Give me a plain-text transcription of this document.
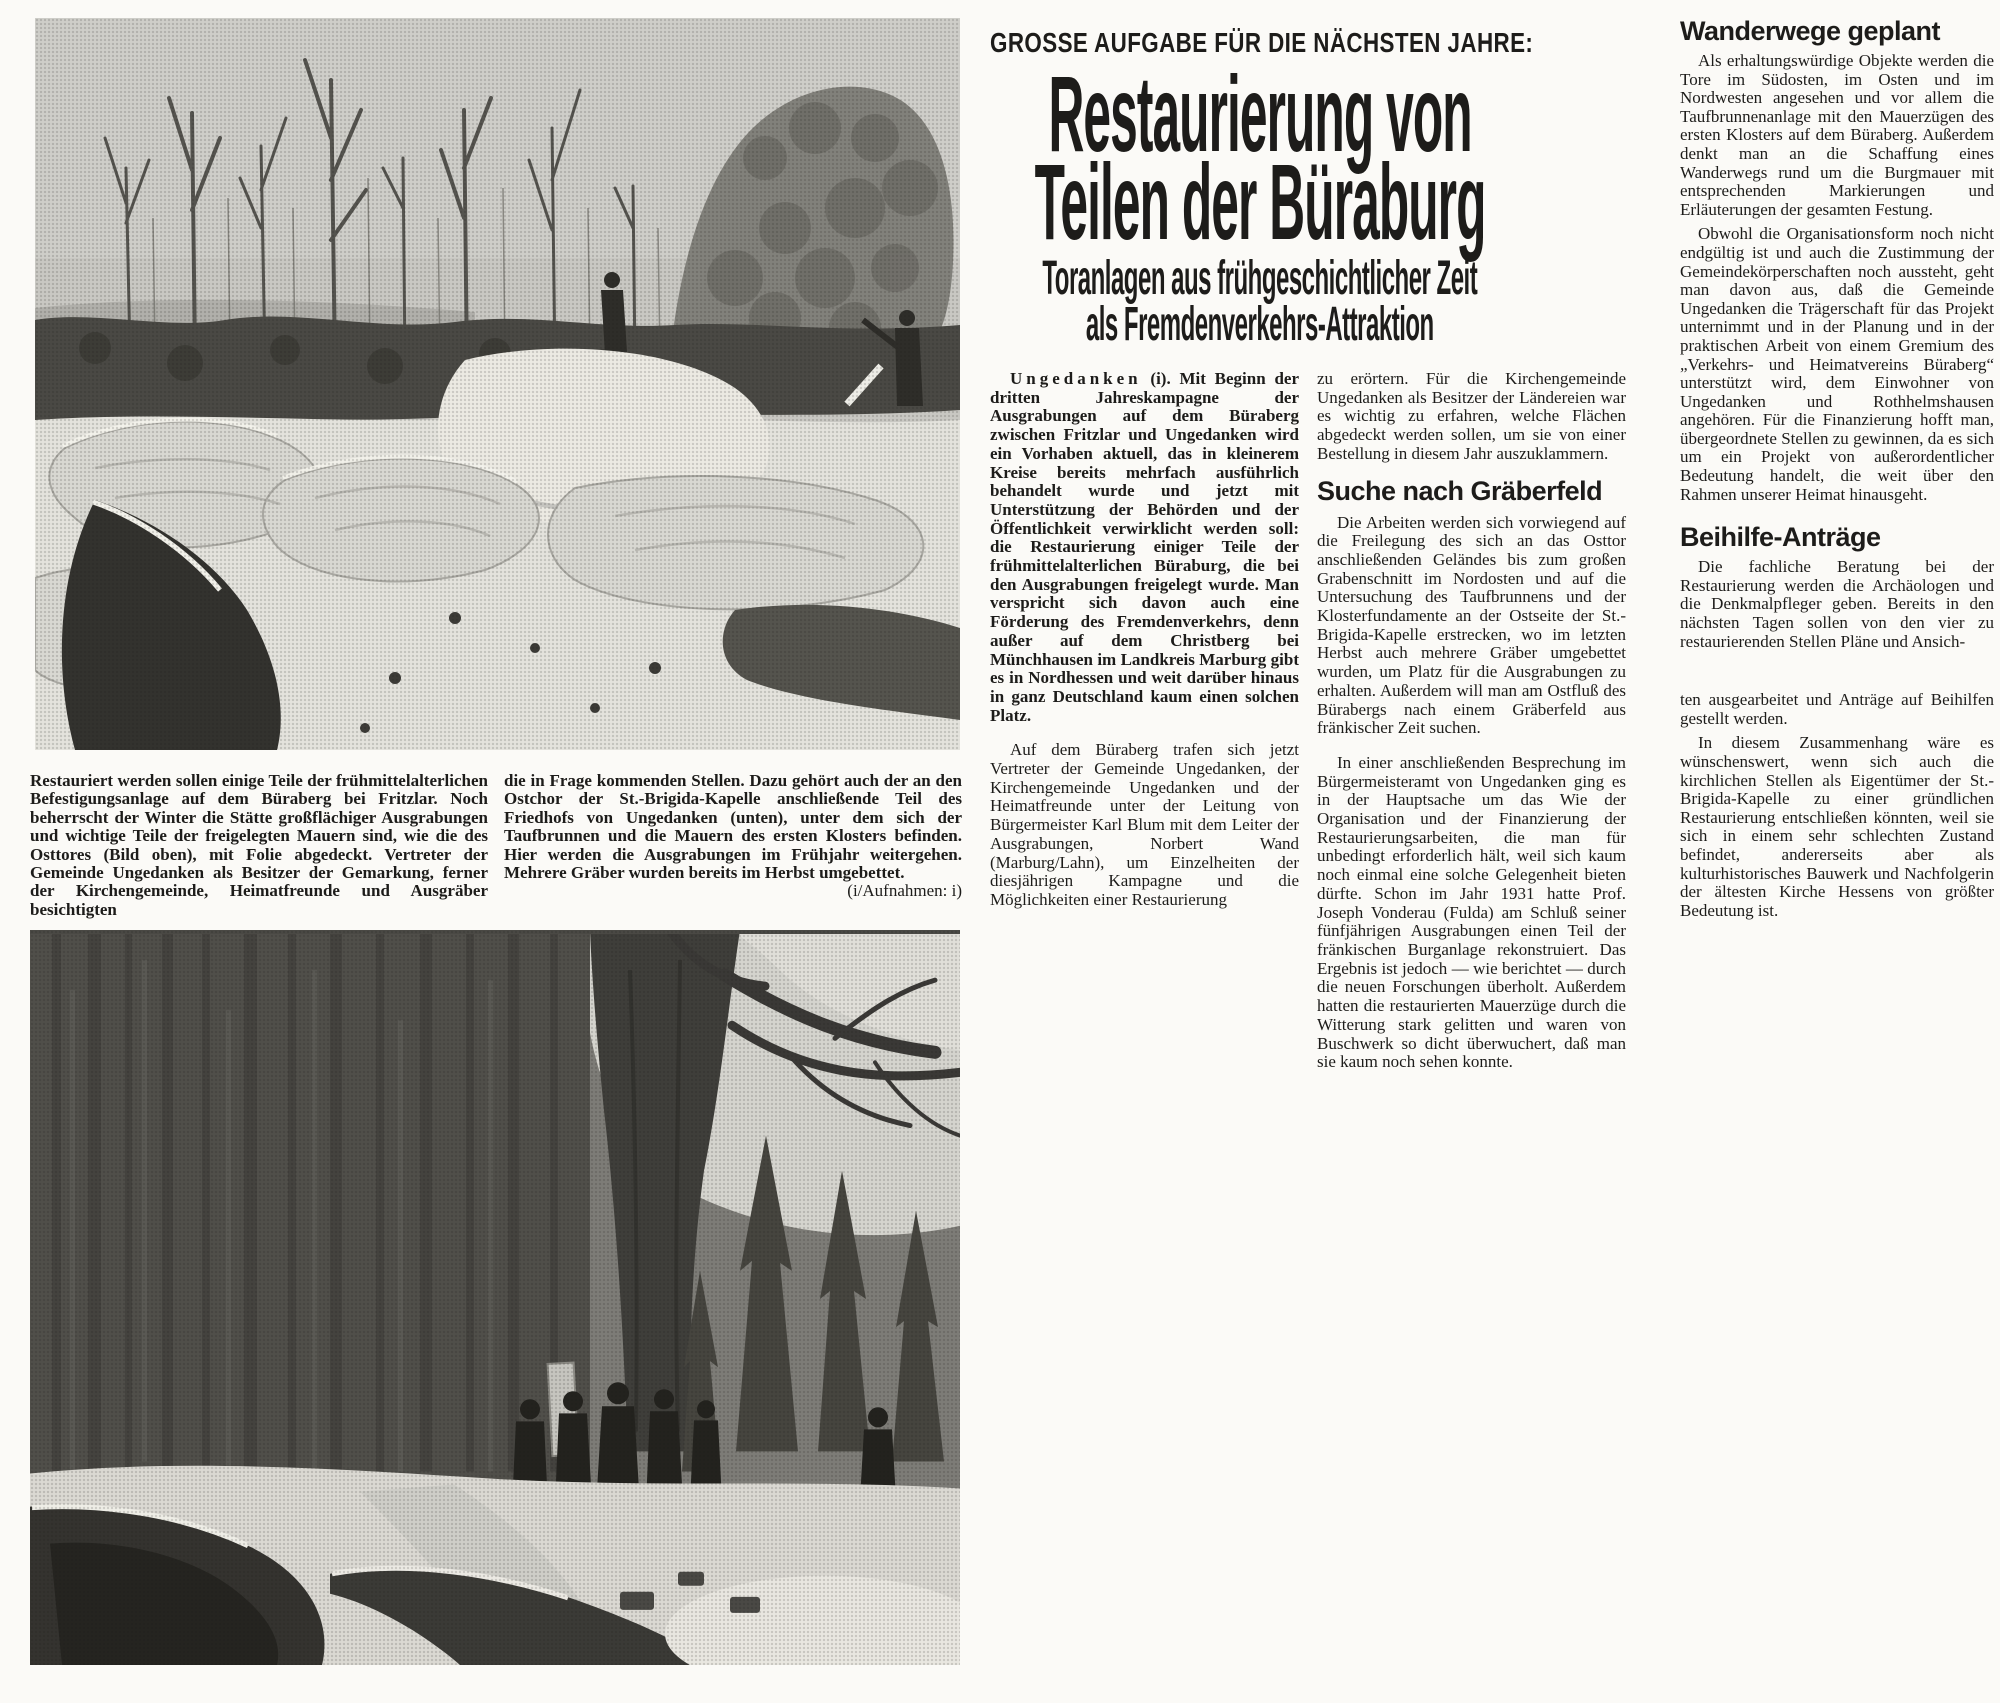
Restauriert werden sollen einige Teile der frühmittelalterlichen Befestigungsanlage auf dem Büraberg bei Fritzlar. Noch beherrscht der Winter die Stätte großflächiger Ausgrabungen und wichtige Teile der freigelegten Mauern sind, wie die des Osttores (Bild oben), mit Folie abgedeckt. Vertreter der Gemeinde Ungedanken als Besitzer der Gemarkung, ferner der Kirchengemeinde, Heimatfreunde und Ausgräber besichtigten

die in Frage kommenden Stellen. Dazu gehört auch der an den Ostchor der St.-Brigida-Kapelle anschließende Teil des Friedhofs von Ungedanken (unten), unter dem sich der Taufbrunnen und die Mauern des ersten Klosters befinden. Hier werden die Ausgrabungen im Frühjahr weitergehen. Mehrere Gräber wurden bereits im Herbst umgebettet.

(i/Aufnahmen: i)

GROSSE AUFGABE FÜR DIE NÄCHSTEN JAHRE:
Restaurierung von
Teilen der Büraburg
Toranlagen aus frühgeschichtlicher Zeit
als Fremdenverkehrs-Attraktion

Ungedanken (i). Mit Beginn der dritten Jahreskampagne der Ausgrabungen auf dem Büraberg zwischen Fritzlar und Ungedanken wird ein Vorhaben aktuell, das in kleinerem Kreise bereits mehrfach ausführlich behandelt wurde und jetzt mit Unterstützung der Behörden und der Öffentlichkeit verwirklicht werden soll: die Restaurierung einiger Teile der frühmittelalterlichen Büraburg, die bei den Ausgrabungen freigelegt wurde. Man verspricht sich davon auch eine Förderung des Fremdenverkehrs, denn außer auf dem Christberg bei Münchhausen im Landkreis Marburg gibt es in Nordhessen und weit darüber hinaus in ganz Deutschland kaum einen solchen Platz.

Auf dem Büraberg trafen sich jetzt Vertreter der Gemeinde Ungedanken, der Kirchengemeinde Ungedanken und der Heimatfreunde unter der Leitung von Bürgermeister Karl Blum mit dem Leiter der Ausgrabungen, Norbert Wand (Marburg/Lahn), um Einzelheiten der diesjährigen Kampagne und die Möglichkeiten einer Restaurierung

zu erörtern. Für die Kirchengemeinde Ungedanken als Besitzer der Ländereien war es wichtig zu erfahren, welche Flächen abgedeckt werden sollen, um sie von einer Bestellung in diesem Jahr auszuklammern.

Suche nach Gräberfeld

Die Arbeiten werden sich vorwiegend auf die Freilegung des sich an das Osttor anschließenden Geländes bis zum großen Grabenschnitt im Nordosten und auf die Untersuchung des Taufbrunnens und der Klosterfundamente an der Ostseite der St.-Brigida-Kapelle erstrecken, wo im letzten Herbst auch mehrere Gräber umgebettet wurden, um Platz für die Ausgrabungen zu erhalten. Außerdem will man am Ostfluß des Bürabergs nach einem Gräberfeld aus fränkischer Zeit suchen.

In einer anschließenden Besprechung im Bürgermeisteramt von Ungedanken ging es in der Hauptsache um das Wie der Organisation und der Finanzierung der Restaurierungsarbeiten, die man für unbedingt erforderlich hält, weil sich kaum noch einmal eine solche Gelegenheit bieten dürfte. Schon im Jahr 1931 hatte Prof. Joseph Vonderau (Fulda) am Schluß seiner fünfjährigen Ausgrabungen einen Teil der fränkischen Burganlage rekonstruiert. Das Ergebnis ist jedoch — wie berichtet — durch die neuen Forschungen überholt. Außerdem hatten die restaurierten Mauerzüge durch die Witterung stark gelitten und waren von Buschwerk so dicht überwuchert, daß man sie kaum noch sehen konnte.

Wanderwege geplant

Als erhaltungswürdige Objekte werden die Tore im Südosten, im Osten und im Nordwesten angesehen und vor allem die Taufbrunnenanlage mit den Mauerzügen des ersten Klosters auf dem Büraberg. Außerdem denkt man an die Schaffung eines Wanderwegs rund um die Burgmauer mit entsprechenden Markierungen und Erläuterungen der gesamten Festung.

Obwohl die Organisationsform noch nicht endgültig ist und auch die Zustimmung der Gemeindekörperschaften noch aussteht, geht man davon aus, daß die Gemeinde Ungedanken die Trägerschaft für das Projekt unternimmt und in der Planung und in der praktischen Arbeit von einem Gremium des „Verkehrs- und Heimatvereins Büraberg“ unterstützt wird, dem Einwohner von Ungedanken und Rothhelmshausen angehören. Für die Finanzierung hofft man, übergeordnete Stellen zu gewinnen, da es sich um ein Projekt von außerordentlicher Bedeutung handelt, die weit über den Rahmen unserer Heimat hinausgeht.

Beihilfe-Anträge

Die fachliche Beratung bei der Restaurierung werden die Archäologen und die Denkmalpfleger geben. Bereits in den nächsten Tagen sollen von den vier zu restaurierenden Stellen Pläne und Ansich-

ten ausgearbeitet und Anträge auf Beihilfen gestellt werden.

In diesem Zusammenhang wäre es wünschenswert, wenn sich auch die kirchlichen Stellen als Eigentümer der St.-Brigida-Kapelle zu einer gründlichen Restaurierung entschließen könnten, weil sie sich in einem sehr schlechten Zustand befindet, andererseits aber als kulturhistorisches Bauwerk und Nachfolgerin der ältesten Kirche Hessens von größter Bedeutung ist.
